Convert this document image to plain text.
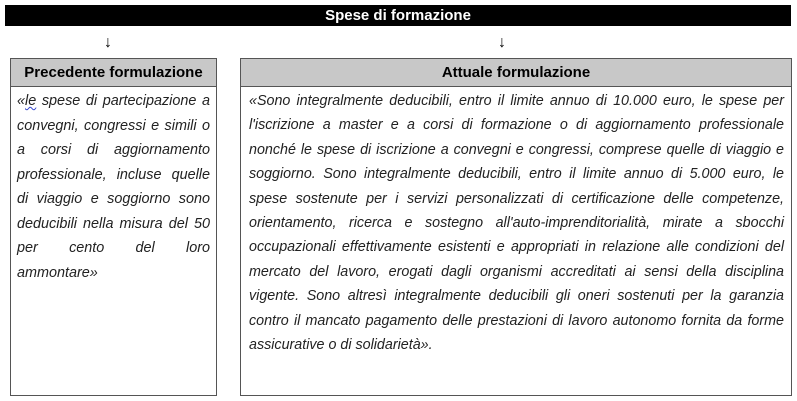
Spese di formazione
↓	↓
Precedente formulazione
«le spese di partecipazione a convegni, congressi e simili o a corsi di aggiornamento professionale, incluse quelle di viaggio e soggiorno sono deducibili nella misura del 50 per cento del loro ammontare»
Attuale formulazione
«Sono integralmente deducibili, entro il limite annuo di 10.000 euro, le spese per l'iscrizione a master e a corsi di formazione o di aggiornamento professionale nonché le spese di iscrizione a convegni e congressi, comprese quelle di viaggio e soggiorno. Sono integralmente deducibili, entro il limite annuo di 5.000 euro, le spese sostenute per i servizi personalizzati di certificazione delle competenze, orientamento, ricerca e sostegno all'auto-imprenditorialità, mirate a sbocchi occupazionali effettivamente esistenti e appropriati in relazione alle condizioni del mercato del lavoro, erogati dagli organismi accreditati ai sensi della disciplina vigente. Sono altresì integralmente deducibili gli oneri sostenuti per la garanzia contro il mancato pagamento delle prestazioni di lavoro autonomo fornita da forme assicurative o di solidarietà».
